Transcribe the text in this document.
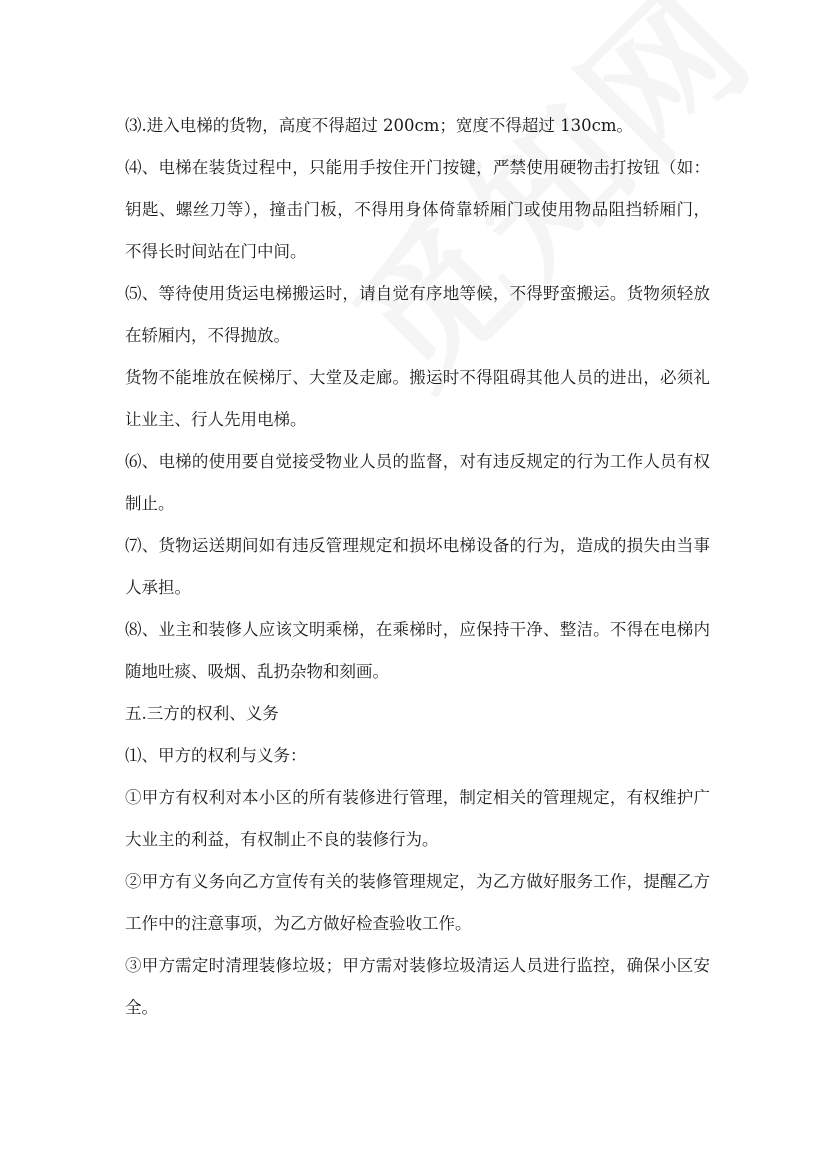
⑶.进入电梯的货物，高度不得超过 200cm；宽度不得超过 130cm。

⑷、电梯在装货过程中，只能用手按住开门按键，严禁使用硬物击打按钮（如：钥匙、螺丝刀等），撞击门板，不得用身体倚靠轿厢门或使用物品阻挡轿厢门，不得长时间站在门中间。

⑸、等待使用货运电梯搬运时，请自觉有序地等候，不得野蛮搬运。货物须轻放在轿厢内，不得抛放。

货物不能堆放在候梯厅、大堂及走廊。搬运时不得阻碍其他人员的进出，必须礼让业主、行人先用电梯。

⑹、电梯的使用要自觉接受物业人员的监督，对有违反规定的行为工作人员有权制止。

⑺、货物运送期间如有违反管理规定和损坏电梯设备的行为，造成的损失由当事人承担。

⑻、业主和装修人应该文明乘梯，在乘梯时，应保持干净、整洁。不得在电梯内随地吐痰、吸烟、乱扔杂物和刻画。

五.三方的权利、义务

⑴、甲方的权利与义务：

①甲方有权利对本小区的所有装修进行管理，制定相关的管理规定，有权维护广大业主的利益，有权制止不良的装修行为。

②甲方有义务向乙方宣传有关的装修管理规定，为乙方做好服务工作，提醒乙方工作中的注意事项，为乙方做好检查验收工作。

③甲方需定时清理装修垃圾；甲方需对装修垃圾清运人员进行监控，确保小区安全。
